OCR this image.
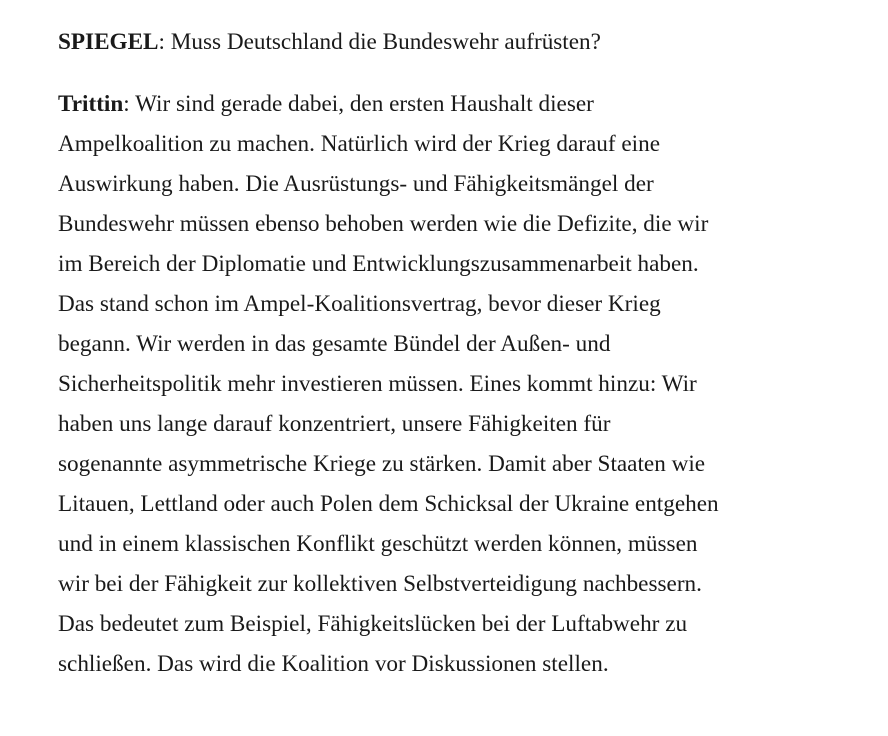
SPIEGEL: Muss Deutschland die Bundeswehr aufrüsten?

Trittin: Wir sind gerade dabei, den ersten Haushalt dieser
Ampelkoalition zu machen. Natürlich wird der Krieg darauf eine
Auswirkung haben. Die Ausrüstungs- und Fähigkeitsmängel der
Bundeswehr müssen ebenso behoben werden wie die Defizite, die wir
im Bereich der Diplomatie und Entwicklungszusammenarbeit haben.
Das stand schon im Ampel-Koalitionsvertrag, bevor dieser Krieg
begann. Wir werden in das gesamte Bündel der Außen- und
Sicherheitspolitik mehr investieren müssen. Eines kommt hinzu: Wir
haben uns lange darauf konzentriert, unsere Fähigkeiten für
sogenannte asymmetrische Kriege zu stärken. Damit aber Staaten wie
Litauen, Lettland oder auch Polen dem Schicksal der Ukraine entgehen
und in einem klassischen Konflikt geschützt werden können, müssen
wir bei der Fähigkeit zur kollektiven Selbstverteidigung nachbessern.
Das bedeutet zum Beispiel, Fähigkeitslücken bei der Luftabwehr zu
schließen. Das wird die Koalition vor Diskussionen stellen.
